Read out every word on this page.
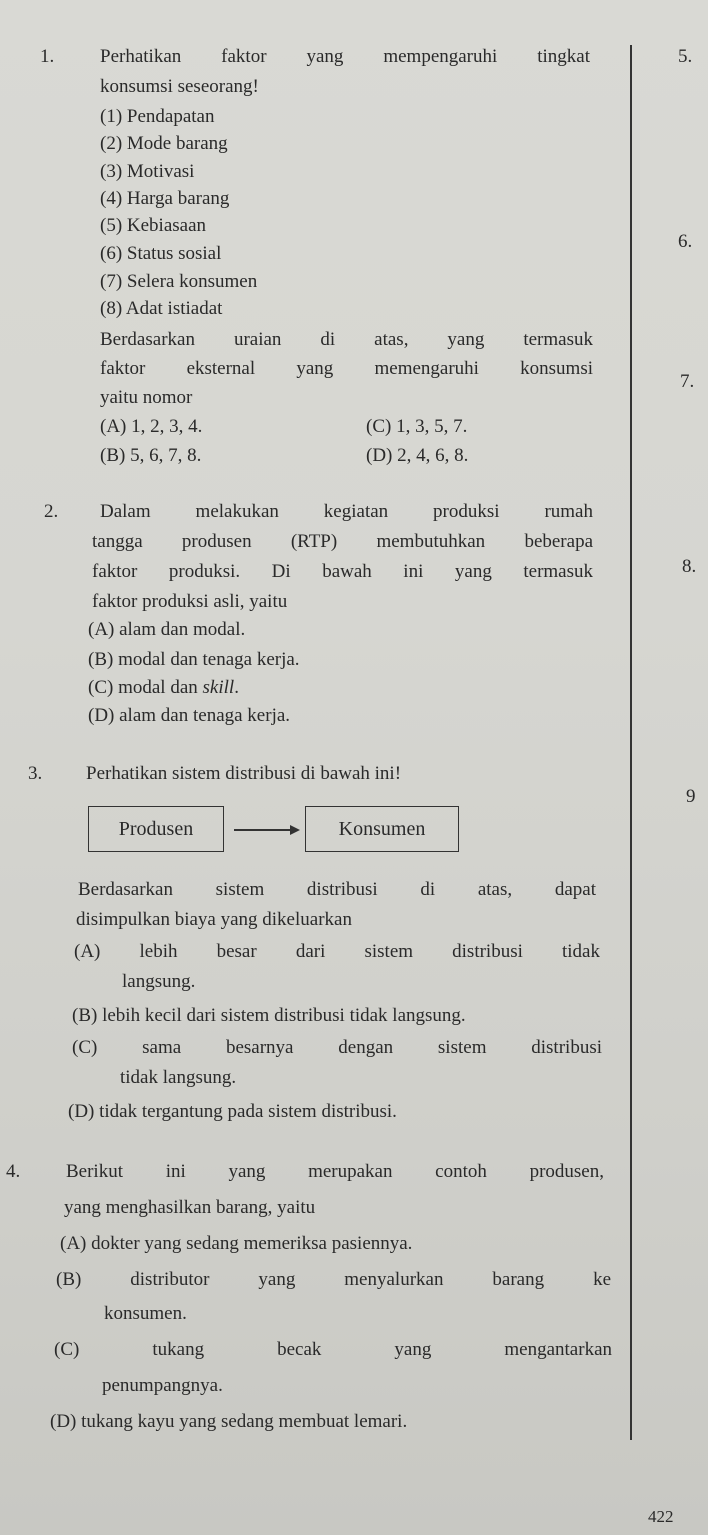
1. Perhatikan faktor yang mempengaruhi tingkat
konsumsi seseorang!
(1) Pendapatan
(2) Mode barang
(3) Motivasi
(4) Harga barang
(5) Kebiasaan
(6) Status sosial
(7) Selera konsumen
(8) Adat istiadat
Berdasarkan uraian di atas, yang termasuk
faktor eksternal yang memengaruhi konsumsi
yaitu nomor
(A) 1, 2, 3, 4.	(C) 1, 3, 5, 7.
(B) 5, 6, 7, 8.	(D) 2, 4, 6, 8.
2. Dalam melakukan kegiatan produksi rumah
tangga produsen (RTP) membutuhkan beberapa
faktor produksi. Di bawah ini yang termasuk
faktor produksi asli, yaitu
(A) alam dan modal.
(B) modal dan tenaga kerja.
(C) modal dan skill.
(D) alam dan tenaga kerja.
3. Perhatikan sistem distribusi di bawah ini!
Produsen	Konsumen
Berdasarkan sistem distribusi di atas, dapat
disimpulkan biaya yang dikeluarkan
(A) lebih besar dari sistem distribusi tidak
langsung.
(B) lebih kecil dari sistem distribusi tidak langsung.
(C) sama besarnya dengan sistem distribusi
tidak langsung.
(D) tidak tergantung pada sistem distribusi.
4. Berikut ini yang merupakan contoh produsen,
yang menghasilkan barang, yaitu
(A) dokter yang sedang memeriksa pasiennya.
(B) distributor yang menyalurkan barang ke
konsumen.
(C) tukang becak yang mengantarkan
penumpangnya.
(D) tukang kayu yang sedang membuat lemari.
5.
6.
7.
8.
9
422
